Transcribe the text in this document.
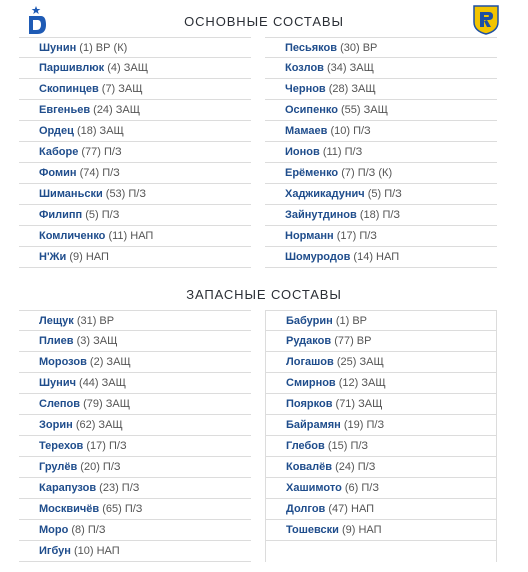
ОСНОВНЫЕ СОСТАВЫ
Шунин (1) ВР (К)
Паршивлюк (4) ЗАЩ
Скопинцев (7) ЗАЩ
Евгеньев (24) ЗАЩ
Ордец (18) ЗАЩ
Каборе (77) П/З
Фомин (74) П/З
Шиманьски (53) П/З
Филипп (5) П/З
Комличенко (11) НАП
Н'Жи (9) НАП
Песьяков (30) ВР
Козлов (34) ЗАЩ
Чернов (28) ЗАЩ
Осипенко (55) ЗАЩ
Мамаев (10) П/З
Ионов (11) П/З
Ерёменко (7) П/З (К)
Хаджикадунич (5) П/З
Зайнутдинов (18) П/З
Норманн (17) П/З
Шомуродов (14) НАП
ЗАПАСНЫЕ СОСТАВЫ
Лещук (31) ВР
Плиев (3) ЗАЩ
Морозов (2) ЗАЩ
Шунич (44) ЗАЩ
Слепов (79) ЗАЩ
Зорин (62) ЗАЩ
Терехов (17) П/З
Грулёв (20) П/З
Карапузов (23) П/З
Москвичёв (65) П/З
Моро (8) П/З
Игбун (10) НАП
Бабурин (1) ВР
Рудаков (77) ВР
Логашов (25) ЗАЩ
Смирнов (12) ЗАЩ
Поярков (71) ЗАЩ
Байрамян (19) П/З
Глебов (15) П/З
Ковалёв (24) П/З
Хашимото (6) П/З
Долгов (47) НАП
Тошевски (9) НАП
